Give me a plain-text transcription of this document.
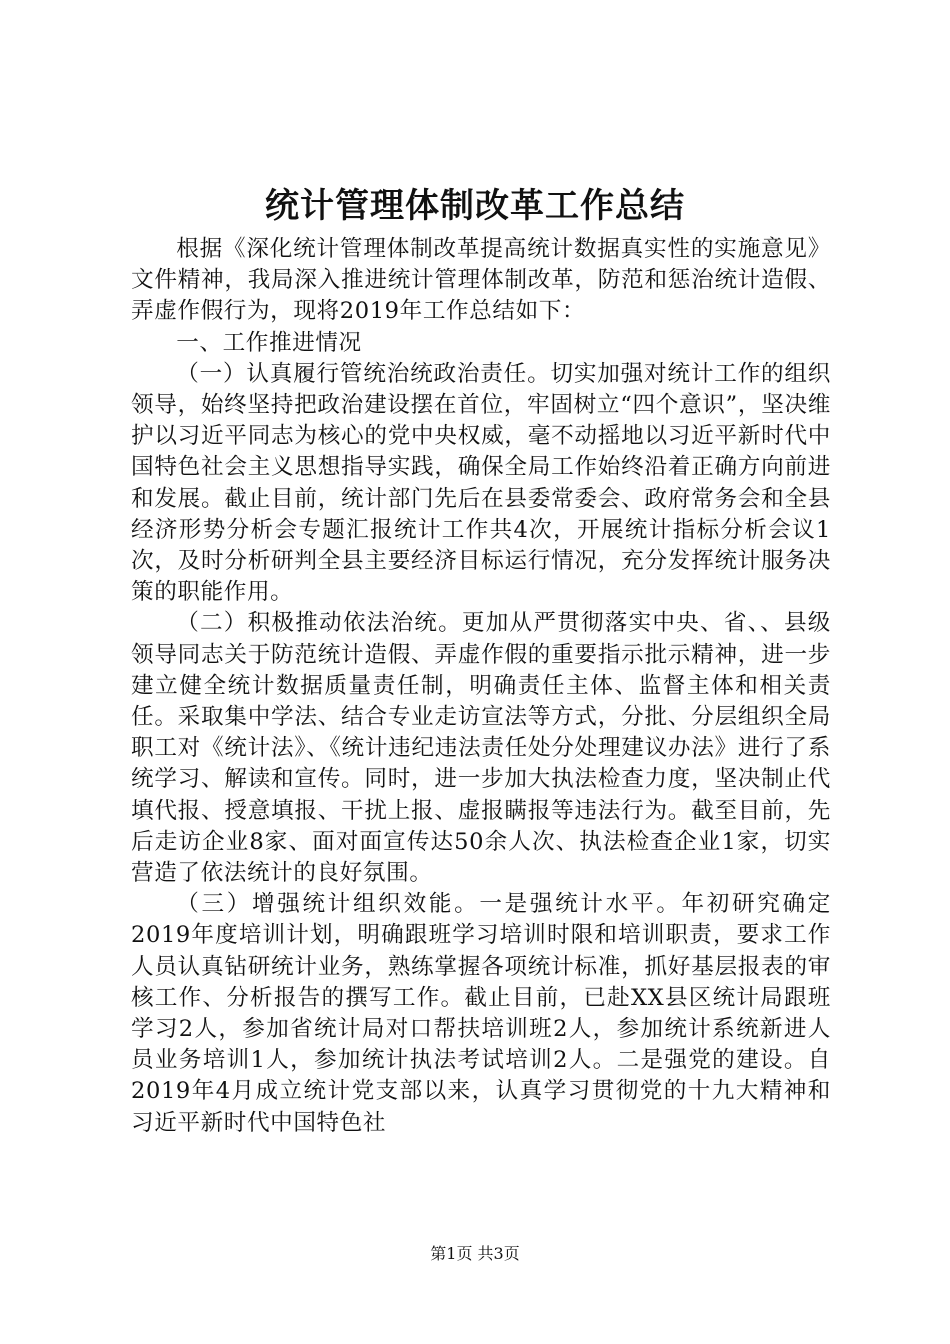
统计管理体制改革工作总结

根据《深化统计管理体制改革提高统计数据真实性的实施意见》文件精神，我局深入推进统计管理体制改革，防范和惩治统计造假、弄虚作假行为，现将2019年工作总结如下：

一、工作推进情况

（一）认真履行管统治统政治责任。切实加强对统计工作的组织领导，始终坚持把政治建设摆在首位，牢固树立“四个意识”，坚决维护以习近平同志为核心的党中央权威，毫不动摇地以习近平新时代中国特色社会主义思想指导实践，确保全局工作始终沿着正确方向前进和发展。截止目前，统计部门先后在县委常委会、政府常务会和全县经济形势分析会专题汇报统计工作共4次，开展统计指标分析会议1次，及时分析研判全县主要经济目标运行情况，充分发挥统计服务决策的职能作用。

（二）积极推动依法治统。更加从严贯彻落实中央、省、、县级领导同志关于防范统计造假、弄虚作假的重要指示批示精神，进一步建立健全统计数据质量责任制，明确责任主体、监督主体和相关责任。采取集中学法、结合专业走访宣法等方式，分批、分层组织全局职工对《统计法》、《统计违纪违法责任处分处理建议办法》进行了系统学习、解读和宣传。同时，进一步加大执法检查力度，坚决制止代填代报、授意填报、干扰上报、虚报瞒报等违法行为。截至目前，先后走访企业8家、面对面宣传达50余人次、执法检查企业1家，切实营造了依法统计的良好氛围。

（三）增强统计组织效能。一是强统计水平。年初研究确定2019年度培训计划，明确跟班学习培训时限和培训职责，要求工作人员认真钻研统计业务，熟练掌握各项统计标准，抓好基层报表的审核工作、分析报告的撰写工作。截止目前，已赴XX县区统计局跟班学习2人，参加省统计局对口帮扶培训班2人，参加统计系统新进人员业务培训1人，参加统计执法考试培训2人。二是强党的建设。自2019年4月成立统计党支部以来，认真学习贯彻党的十九大精神和习近平新时代中国特色社

第1页 共3页
